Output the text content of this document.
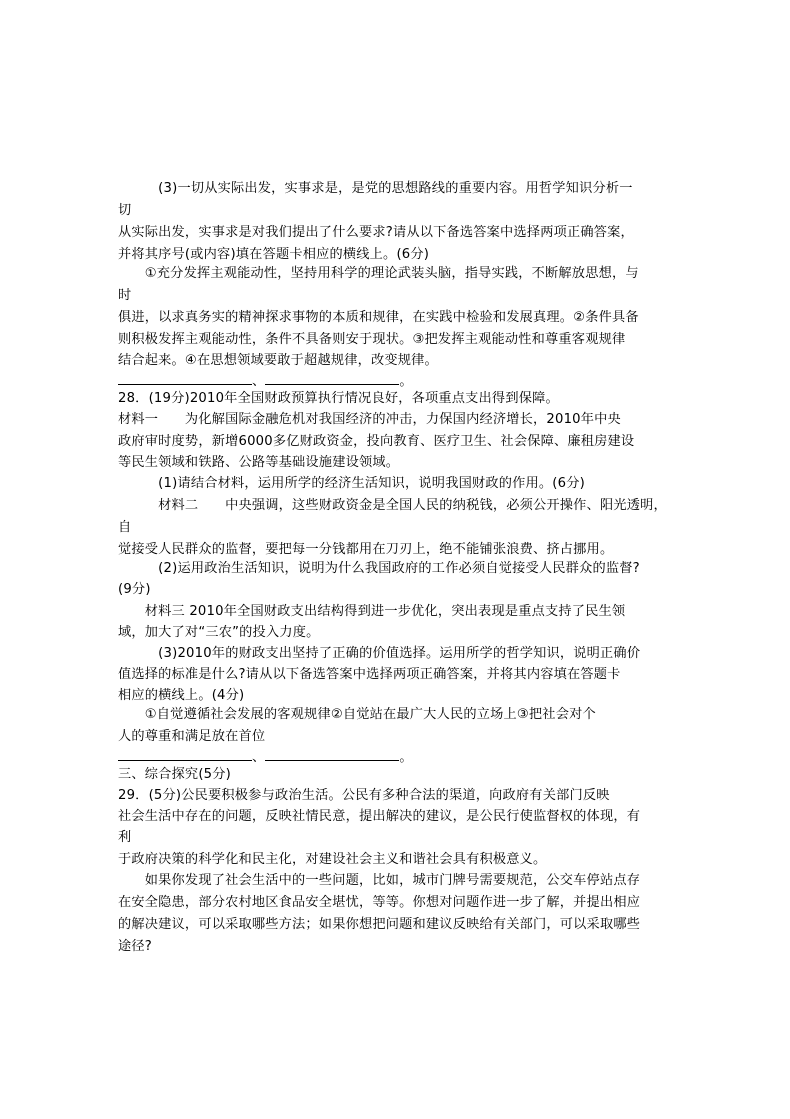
　　　(3)一切从实际出发，实事求是，是党的思想路线的重要内容。用哲学知识分析一
切
从实际出发，实事求是对我们提出了什么要求?请从以下备选答案中选择两项正确答案，
并将其序号(或内容)填在答题卡相应的横线上。(6分)
　　①充分发挥主观能动性，坚持用科学的理论武装头脑，指导实践，不断解放思想，与
时
俱进，以求真务实的精神探求事物的本质和规律，在实践中检验和发展真理。②条件具备
则积极发挥主观能动性，条件不具备则安于现状。③把发挥主观能动性和尊重客观规律
结合起来。④在思想领域要敢于超越规律，改变规律。
、	。
28．(19分)2010年全国财政预算执行情况良好，各项重点支出得到保障。
材料一　　为化解国际金融危机对我国经济的冲击，力保国内经济增长，2010年中央
政府审时度势，新增6000多亿财政资金，投向教育、医疗卫生、社会保障、廉租房建设
等民生领域和铁路、公路等基础设施建设领域。
　　　(1)请结合材料，运用所学的经济生活知识，说明我国财政的作用。(6分)
　　　材料二　　中央强调，这些财政资金是全国人民的纳税钱，必须公开操作、阳光透明，
自
觉接受人民群众的监督，要把每一分钱都用在刀刃上，绝不能铺张浪费、挤占挪用。
　　　(2)运用政治生活知识，说明为什么我国政府的工作必须自觉接受人民群众的监督?
(9分)
　　材料三 2010年全国财政支出结构得到进一步优化，突出表现是重点支持了民生领
域，加大了对“三农”的投入力度。
　　　(3)2010年的财政支出坚持了正确的价值选择。运用所学的哲学知识，说明正确价
值选择的标准是什么?请从以下备选答案中选择两项正确答案，并将其内容填在答题卡
相应的横线上。(4分)
　　①自觉遵循社会发展的客观规律②自觉站在最广大人民的立场上③把社会对个
人的尊重和满足放在首位
、	。
三、综合探究(5分)
29．(5分)公民要积极参与政治生活。公民有多种合法的渠道，向政府有关部门反映
社会生活中存在的问题，反映社情民意，提出解决的建议，是公民行使监督权的体现，有
利
于政府决策的科学化和民主化，对建设社会主义和谐社会具有积极意义。
　　如果你发现了社会生活中的一些问题，比如，城市门牌号需要规范，公交车停站点存
在安全隐患，部分农村地区食品安全堪忧，等等。你想对问题作进一步了解，并提出相应
的解决建议，可以采取哪些方法；如果你想把问题和建议反映给有关部门，可以采取哪些
途径?
